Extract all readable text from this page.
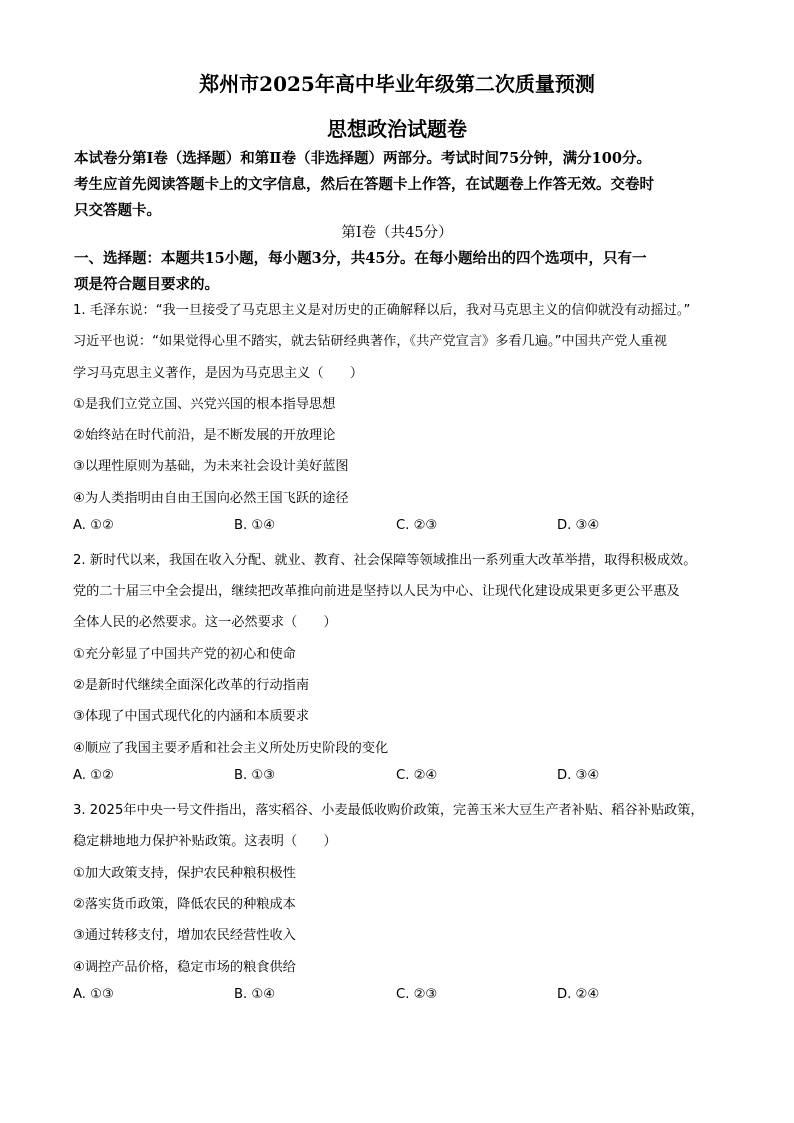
郑州市2025年高中毕业年级第二次质量预测
思想政治试题卷
本试卷分第Ⅰ卷（选择题）和第Ⅱ卷（非选择题）两部分。考试时间75分钟，满分100分。
考生应首先阅读答题卡上的文字信息，然后在答题卡上作答，在试题卷上作答无效。交卷时
只交答题卡。
第Ⅰ卷（共45分）
一、选择题：本题共15小题，每小题3分，共45分。在每小题给出的四个选项中，只有一
项是符合题目要求的。
1. 毛泽东说：“我一旦接受了马克思主义是对历史的正确解释以后，我对马克思主义的信仰就没有动摇过。”
习近平也说：“如果觉得心里不踏实，就去钻研经典著作，《共产党宣言》多看几遍。”中国共产党人重视
学习马克思主义著作，是因为马克思主义（　　）
①是我们立党立国、兴党兴国的根本指导思想
②始终站在时代前沿，是不断发展的开放理论
③以理性原则为基础，为未来社会设计美好蓝图
④为人类指明由自由王国向必然王国飞跃的途径
A. ①②	B. ①④	C. ②③	D. ③④
2. 新时代以来，我国在收入分配、就业、教育、社会保障等领域推出一系列重大改革举措，取得积极成效。
党的二十届三中全会提出，继续把改革推向前进是坚持以人民为中心、让现代化建设成果更多更公平惠及
全体人民的必然要求。这一必然要求（　　）
①充分彰显了中国共产党的初心和使命
②是新时代继续全面深化改革的行动指南
③体现了中国式现代化的内涵和本质要求
④顺应了我国主要矛盾和社会主义所处历史阶段的变化
A. ①②	B. ①③	C. ②④	D. ③④
3. 2025年中央一号文件指出，落实稻谷、小麦最低收购价政策，完善玉米大豆生产者补贴、稻谷补贴政策，
稳定耕地地力保护补贴政策。这表明（　　）
①加大政策支持，保护农民种粮积极性
②落实货币政策，降低农民的种粮成本
③通过转移支付，增加农民经营性收入
④调控产品价格，稳定市场的粮食供给
A. ①③	B. ①④	C. ②③	D. ②④
